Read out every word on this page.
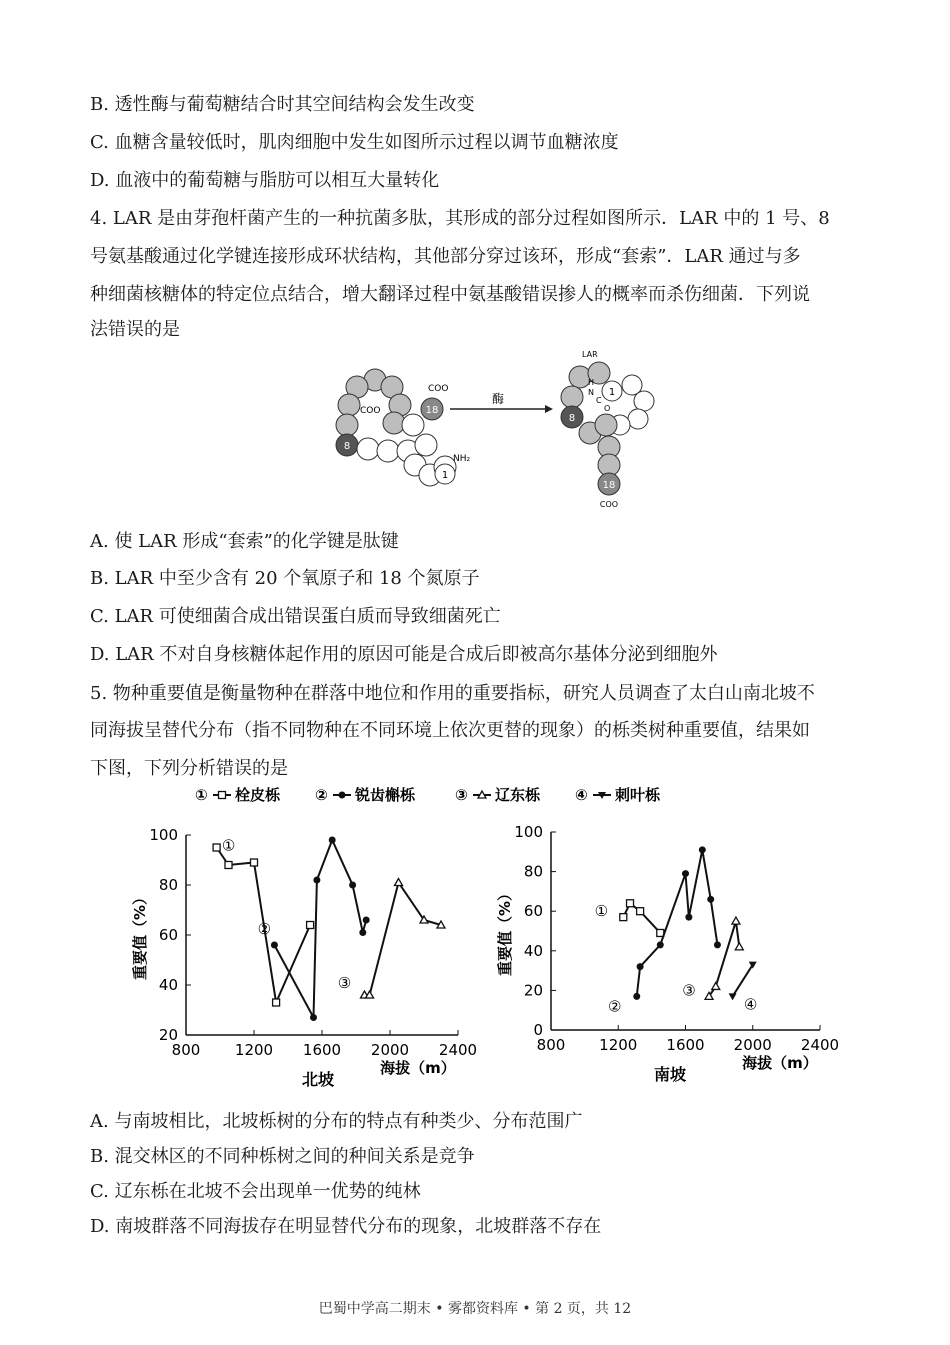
B. 透性酶与葡萄糖结合时其空间结构会发生改变
C. 血糖含量较低时，肌肉细胞中发生如图所示过程以调节血糖浓度
D. 血液中的葡萄糖与脂肪可以相互大量转化
4. LAR 是由芽孢杆菌产生的一种抗菌多肽，其形成的部分过程如图所示．LAR 中的 1 号、8
号氨基酸通过化学键连接形成环状结构，其他部分穿过该环，形成“套索”．LAR 通过与多
种细菌核糖体的特定位点结合，增大翻译过程中氨基酸错误掺人的概率而杀伤细菌．下列说
法错误的是
8
18
COO
COO
1
NH₂
酶
LAR
8
H
N
C
O
1
18
COO
A. 使 LAR 形成“套索”的化学键是肽键
B. LAR 中至少含有 20 个氧原子和 18 个氮原子
C. LAR 可使细菌合成出错误蛋白质而导致细菌死亡
D. LAR 不对自身核糖体起作用的原因可能是合成后即被高尔基体分泌到细胞外
5. 物种重要值是衡量物种在群落中地位和作用的重要指标，研究人员调查了太白山南北坡不
同海拔呈替代分布（指不同物种在不同环境上依次更替的现象）的栎类树种重要值，结果如
下图，下列分析错误的是
① 栓皮栎 ② 锐齿槲栎	③ 辽东栎 ④ 刺叶栎
20
40
60
80
100
800 1200 1600 2000 2400
海拔（m）
北坡
重要值（%）
①
②
③
0
20
40
60
80
100
800 1200 1600 2000 2400
海拔（m）
南坡
重要值（%）	①
②
③
④
A. 与南坡相比，北坡栎树的分布的特点有种类少、分布范围广
B. 混交林区的不同种栎树之间的种间关系是竞争
C. 辽东栎在北坡不会出现单一优势的纯林
D. 南坡群落不同海拔存在明显替代分布的现象，北坡群落不存在
巴蜀中学高二期末 • 雾都资料库 • 第 2 页，共 12
